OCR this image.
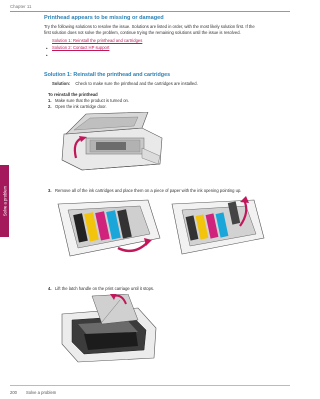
Chapter 11
Solve a problem
Printhead appears to be missing or damaged
Try the following solutions to resolve the issue. Solutions are listed in order, with the most likely solution first. If the
first solution does not solve the problem, continue trying the remaining solutions until the issue is resolved.
•
Solution 1: Reinstall the printhead and cartridges
•
Solution 2: Contact HP support
Solution 1: Reinstall the printhead and cartridges
Solution: Check to make sure the printhead and the cartridges are installed.
To reinstall the printhead
1. Make sure that the product is turned on.
2. Open the ink cartridge door.
3. Remove all of the ink cartridges and place them on a piece of paper with the ink opening pointing up.
4. Lift the latch handle on the print carriage until it stops.
200 Solve a problem
